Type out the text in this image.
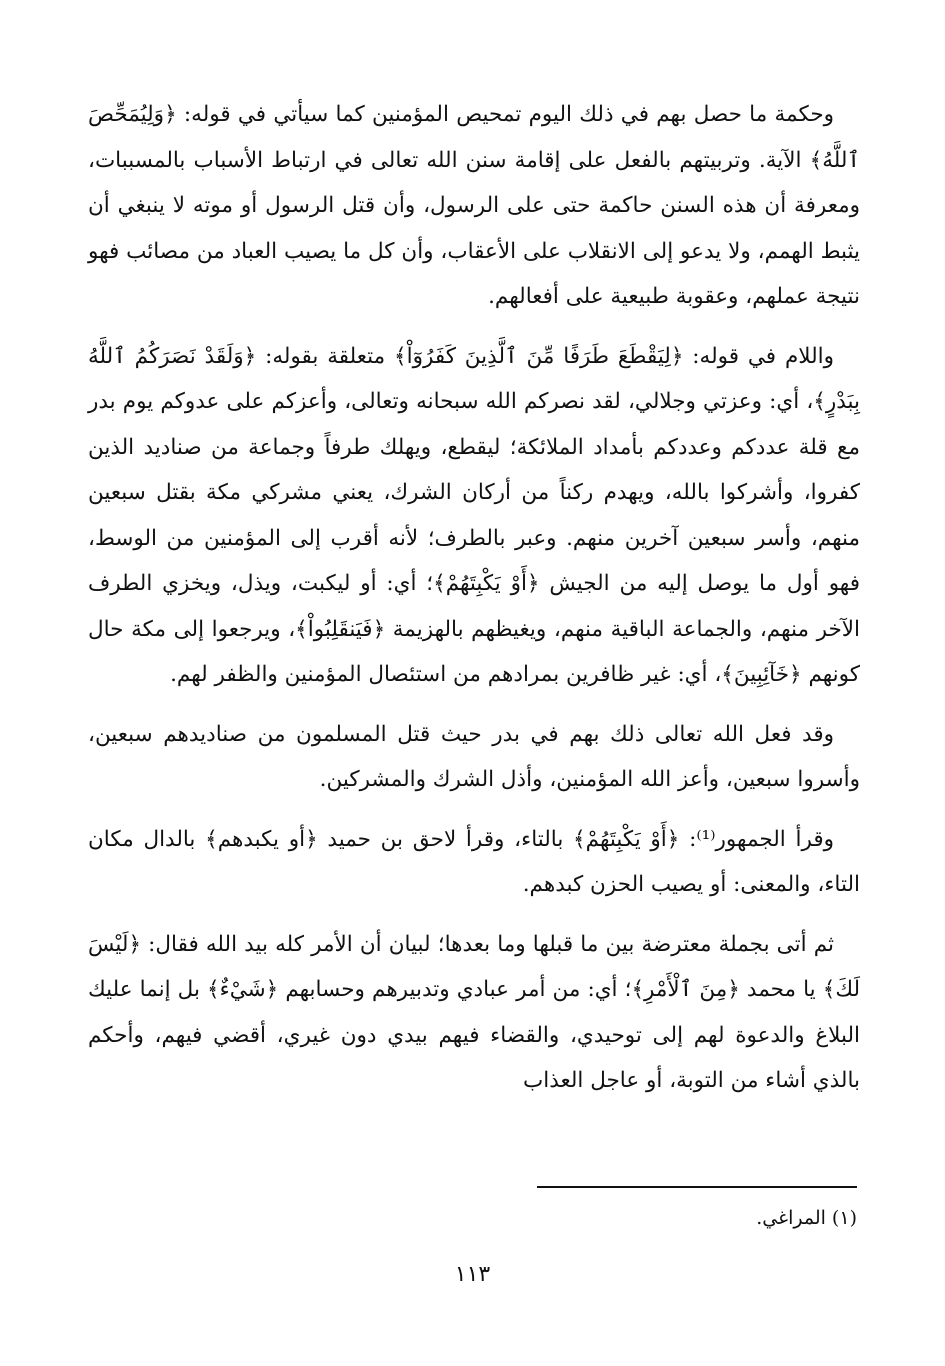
وحكمة ما حصل بهم في ذلك اليوم تمحيص المؤمنين كما سيأتي في قوله: ﴿وَلِيُمَحِّصَ ٱللَّهُ﴾ الآية. وتربيتهم بالفعل على إقامة سنن الله تعالى في ارتباط الأسباب بالمسببات، ومعرفة أن هذه السنن حاكمة حتى على الرسول، وأن قتل الرسول أو موته لا ينبغي أن يثبط الهمم، ولا يدعو إلى الانقلاب على الأعقاب، وأن كل ما يصيب العباد من مصائب فهو نتيجة عملهم، وعقوبة طبيعية على أفعالهم.

واللام في قوله: ﴿لِيَقْطَعَ طَرَفًا مِّنَ ٱلَّذِينَ كَفَرُوٓاْ﴾ متعلقة بقوله: ﴿وَلَقَدْ نَصَرَكُمُ ٱللَّهُ بِبَدْرٍ﴾، أي: وعزتي وجلالي، لقد نصركم الله سبحانه وتعالى، وأعزكم على عدوكم يوم بدر مع قلة عددكم وعددكم بأمداد الملائكة؛ ليقطع، ويهلك طرفاً وجماعة من صناديد الذين كفروا، وأشركوا بالله، ويهدم ركناً من أركان الشرك، يعني مشركي مكة بقتل سبعين منهم، وأسر سبعين آخرين منهم. وعبر بالطرف؛ لأنه أقرب إلى المؤمنين من الوسط، فهو أول ما يوصل إليه من الجيش ﴿أَوْ يَكْبِتَهُمْ﴾؛ أي: أو ليكبت، ويذل، ويخزي الطرف الآخر منهم، والجماعة الباقية منهم، ويغيظهم بالهزيمة ﴿فَيَنقَلِبُواْ﴾، ويرجعوا إلى مكة حال كونهم ﴿خَآئِبِينَ﴾، أي: غير ظافرين بمرادهم من استئصال المؤمنين والظفر لهم.

وقد فعل الله تعالى ذلك بهم في بدر حيث قتل المسلمون من صناديدهم سبعين، وأسروا سبعين، وأعز الله المؤمنين، وأذل الشرك والمشركين.

وقرأ الجمهور⁽¹⁾: ﴿أَوْ يَكْبِتَهُمْ﴾ بالتاء، وقرأ لاحق بن حميد ﴿أو يكبدهم﴾ بالدال مكان التاء، والمعنى: أو يصيب الحزن كبدهم.

ثم أتى بجملة معترضة بين ما قبلها وما بعدها؛ لبيان أن الأمر كله بيد الله فقال: ﴿لَيْسَ لَكَ﴾ يا محمد ﴿مِنَ ٱلْأَمْرِ﴾؛ أي: من أمر عبادي وتدبيرهم وحسابهم ﴿شَيْءٌ﴾ بل إنما عليك البلاغ والدعوة لهم إلى توحيدي، والقضاء فيهم بيدي دون غيري، أقضي فيهم، وأحكم بالذي أشاء من التوبة، أو عاجل العذاب

(١) المراغي.
١١٣
